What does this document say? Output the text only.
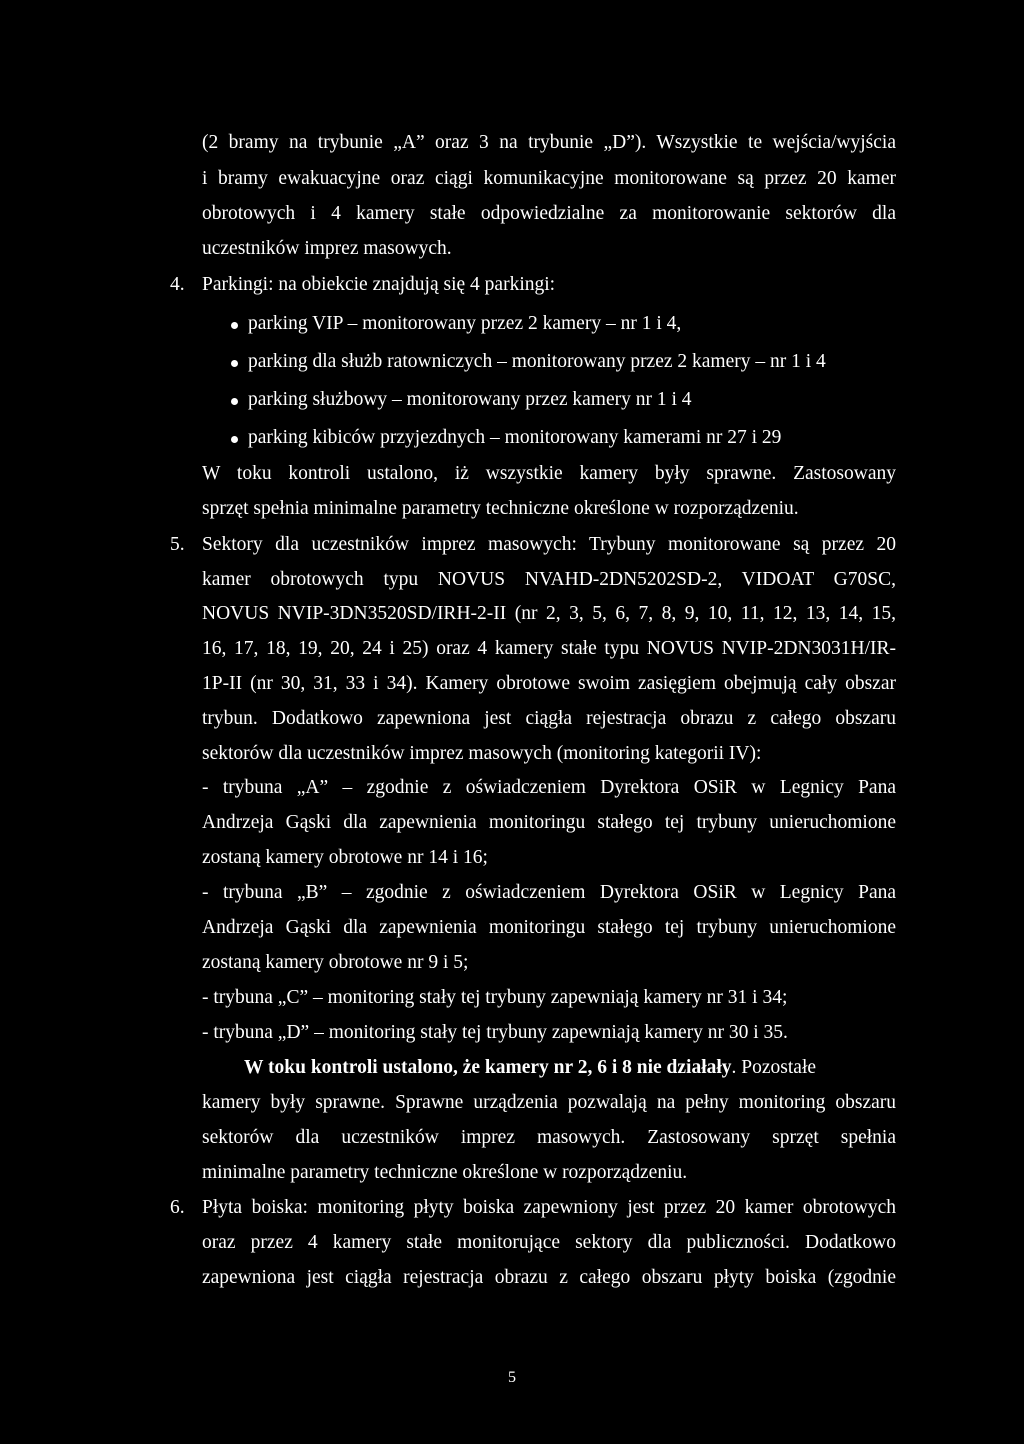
(2 bramy na trybunie „A” oraz 3 na trybunie „D”). Wszystkie te wejścia/wyjścia
i bramy ewakuacyjne oraz ciągi komunikacyjne monitorowane są przez 20 kamer
obrotowych i 4 kamery stałe odpowiedzialne za monitorowanie sektorów dla
uczestników imprez masowych.
4. Parkingi: na obiekcie znajdują się 4 parkingi:
parking VIP – monitorowany przez 2 kamery – nr 1 i 4,
parking dla służb ratowniczych – monitorowany przez 2 kamery – nr 1 i 4
parking służbowy – monitorowany przez kamery nr 1 i 4
parking kibiców przyjezdnych – monitorowany kamerami nr 27 i 29
W toku kontroli ustalono, iż wszystkie kamery były sprawne. Zastosowany
sprzęt spełnia minimalne parametry techniczne określone w rozporządzeniu.
5. Sektory dla uczestników imprez masowych: Trybuny monitorowane są przez 20
kamer obrotowych typu NOVUS NVAHD-2DN5202SD-2, VIDOAT G70SC,
NOVUS NVIP-3DN3520SD/IRH-2-II (nr 2, 3, 5, 6, 7, 8, 9, 10, 11, 12, 13, 14, 15,
16, 17, 18, 19, 20, 24 i 25) oraz 4 kamery stałe typu NOVUS NVIP-2DN3031H/IR-
1P-II (nr 30, 31, 33 i 34). Kamery obrotowe swoim zasięgiem obejmują cały obszar
trybun. Dodatkowo zapewniona jest ciągła rejestracja obrazu z całego obszaru
sektorów dla uczestników imprez masowych (monitoring kategorii IV):
- trybuna „A” – zgodnie z oświadczeniem Dyrektora OSiR w Legnicy Pana
Andrzeja Gąski dla zapewnienia monitoringu stałego tej trybuny unieruchomione
zostaną kamery obrotowe nr 14 i 16;
- trybuna „B” – zgodnie z oświadczeniem Dyrektora OSiR w Legnicy Pana
Andrzeja Gąski dla zapewnienia monitoringu stałego tej trybuny unieruchomione
zostaną kamery obrotowe nr 9 i 5;
- trybuna „C” – monitoring stały tej trybuny zapewniają kamery nr 31 i 34;
- trybuna „D” – monitoring stały tej trybuny zapewniają kamery nr 30 i 35.
W toku kontroli ustalono, że kamery nr 2, 6 i 8 nie działały. Pozostałe
kamery były sprawne. Sprawne urządzenia pozwalają na pełny monitoring obszaru
sektorów dla uczestników imprez masowych. Zastosowany sprzęt spełnia
minimalne parametry techniczne określone w rozporządzeniu.
6. Płyta boiska: monitoring płyty boiska zapewniony jest przez 20 kamer obrotowych
oraz przez 4 kamery stałe monitorujące sektory dla publiczności. Dodatkowo
zapewniona jest ciągła rejestracja obrazu z całego obszaru płyty boiska (zgodnie
5
